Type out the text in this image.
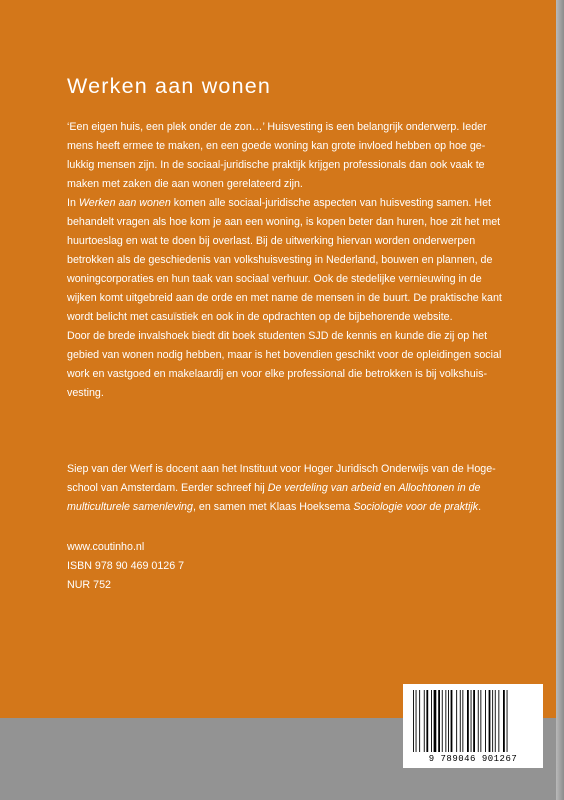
Werken aan wonen
‘Een eigen huis, een plek onder de zon…’ Huisvesting is een belangrijk onderwerp. Ieder
mens heeft ermee te maken, en een goede woning kan grote invloed hebben op hoe ge-
lukkig mensen zijn. In de sociaal-juridische praktijk krijgen professionals dan ook vaak te
maken met zaken die aan wonen gerelateerd zijn.
In Werken aan wonen komen alle sociaal-juridische aspecten van huisvesting samen. Het
behandelt vragen als hoe kom je aan een woning, is kopen beter dan huren, hoe zit het met
huurtoeslag en wat te doen bij overlast. Bij de uitwerking hiervan worden onderwerpen
betrokken als de geschiedenis van volkshuisvesting in Nederland, bouwen en plannen, de
woningcorporaties en hun taak van sociaal verhuur. Ook de stedelijke vernieuwing in de
wijken komt uitgebreid aan de orde en met name de mensen in de buurt. De praktische kant
wordt belicht met casuïstiek en ook in de opdrachten op de bijbehorende website.
Door de brede invalshoek biedt dit boek studenten SJD de kennis en kunde die zij op het
gebied van wonen nodig hebben, maar is het bovendien geschikt voor de opleidingen social
work en vastgoed en makelaardij en voor elke professional die betrokken is bij volkshuis-
vesting.
Siep van der Werf is docent aan het Instituut voor Hoger Juridisch Onderwijs van de Hoge-
school van Amsterdam. Eerder schreef hij De verdeling van arbeid en Allochtonen in de
multiculturele samenleving, en samen met Klaas Hoeksema Sociologie voor de praktijk.
www.coutinho.nl
ISBN 978 90 469 0126 7
NUR 752
9 789046 901267
